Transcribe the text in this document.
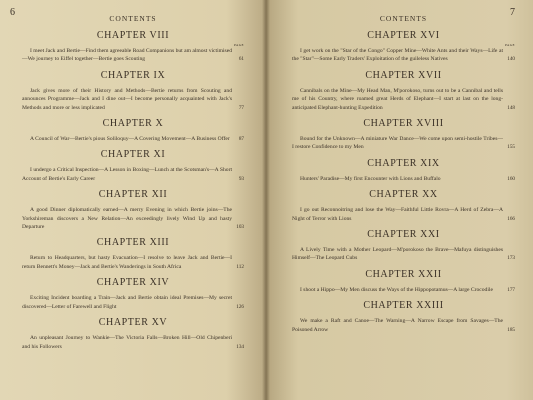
6
CONTENTS
CHAPTER VIII
PAGE
I meet Jack and Bertie—Find them agreeable Road Companions but am almost victimised—We journey to Eiffel together—Bertie goes Scouting	61
CHAPTER IX
Jack gives more of their History and Methods—Bertie returns from Scouting and announces Programme—Jack and I dine out—I become personally acquainted with Jack's Methods and more or less implicated	77
CHAPTER X
A Council of War—Bertie's pious Soliloquy—A Covering Movement—A Business Offer	87
CHAPTER XI
I undergo a Critical Inspection—A Lesson in Boxing—Lunch at the Scotsman's—A Short Account of Bertie's Early Career	93
CHAPTER XII
A good Dinner diplomatically earned—A merry Evening in which Bertie joins—The Yorkshireman discovers a New Relation—An exceedingly lively Wind Up and hasty Departure	103
CHAPTER XIII
Return to Headquarters, but hasty Evacuation—I resolve to leave Jack and Bertie—I return Bennett's Money—Jack and Bertie's Wanderings in South Africa	112
CHAPTER XIV
Exciting Incident boarding a Train—Jack and Bertie obtain ideal Premises—My secret discovered—Letter of Farewell and Flight	126
CHAPTER XV
An unpleasant Journey to Wankie—The Victoria Falls—Broken Hill—Old Chipenberi and his Followers	134
CONTENTS
7
CHAPTER XVI
PAGE
I get work on the "Star of the Congo" Copper Mine—White Ants and their Ways—Life at the "Star"—Some Early Traders' Exploitation of the guileless Natives	140
CHAPTER XVII
Cannibals on the Mine—My Head Man, M'porokoso, turns out to be a Cannibal and tells me of his Country, where roamed great Herds of Elephant—I start at last on the long-anticipated Elephant-hunting Expedition	148
CHAPTER XVIII
Bound for the Unknown—A miniature War Dance—We come upon semi-hostile Tribes—I restore Confidence to my Men	155
CHAPTER XIX
Hunters' Paradise—My first Encounter with Lions and Buffalo	160
CHAPTER XX
I go out Reconnoitring and lose the Way—Faithful Little Rovra—A Herd of Zebra—A Night of Terror with Lions	166
CHAPTER XXI
A Lively Time with a Mother Leopard—M'porokoso the Brave—Mafuya distinguishes Himself—The Leopard Cubs	173
CHAPTER XXII
I shoot a Hippo—My Men discuss the Ways of the Hippopotamus—A large Crocodile	177
CHAPTER XXIII
We make a Raft and Canoe—The Warning—A Narrow Escape from Savages—The Poisoned Arrow	185
